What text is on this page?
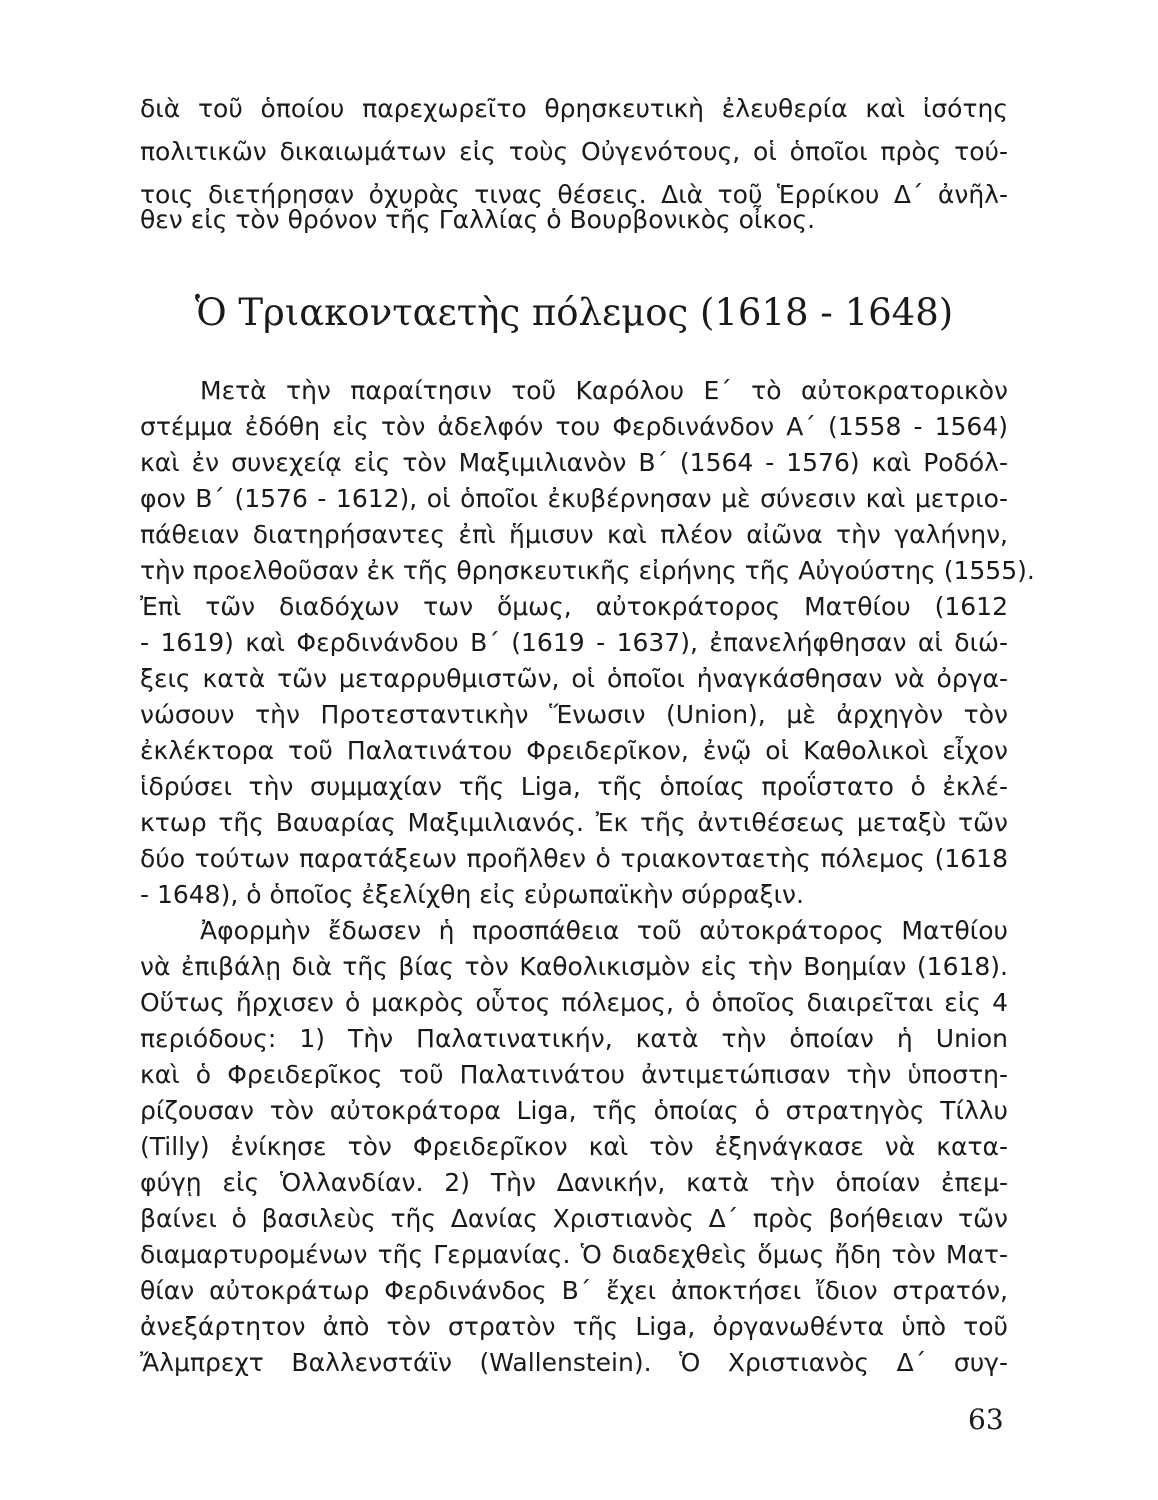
διὰ τοῦ ὁποίου παρεχωρεῖτο θρησκευτικὴ ἐλευθερία καὶ ἰσότης
πολιτικῶν δικαιωμάτων εἰς τοὺς Οὐγενότους, οἱ ὁποῖοι πρὸς τού-
τοις διετήρησαν ὀχυρὰς τινας θέσεις. Διὰ τοῦ Ἑρρίκου Δ΄ ἀνῆλ-
θεν εἰς τὸν θρόνον τῆς Γαλλίας ὁ Βουρβονικὸς οἶκος.
Ὁ Τριακονταετὴς πόλεμος (1618 - 1648)
Μετὰ τὴν παραίτησιν τοῦ Καρόλου Ε΄ τὸ αὐτοκρατορικὸν
στέμμα ἐδόθη εἰς τὸν ἀδελφόν του Φερδινάνδον Α΄ (1558 - 1564)
καὶ ἐν συνεχείᾳ εἰς τὸν Μαξιμιλιανὸν Β΄ (1564 - 1576) καὶ Ροδόλ-
φον Β΄ (1576 - 1612), οἱ ὁποῖοι ἐκυβέρνησαν μὲ σύνεσιν καὶ μετριο-
πάθειαν διατηρήσαντες ἐπὶ ἥμισυν καὶ πλέον αἰῶνα τὴν γαλήνην,
τὴν προελθοῦσαν ἐκ τῆς θρησκευτικῆς εἰρήνης τῆς Αὐγούστης (1555).
Ἐπὶ τῶν διαδόχων των ὅμως, αὐτοκράτορος Ματθίου (1612
- 1619) καὶ Φερδινάνδου Β΄ (1619 - 1637), ἐπανελήφθησαν αἱ διώ-
ξεις κατὰ τῶν μεταρρυθμιστῶν, οἱ ὁποῖοι ἠναγκάσθησαν νὰ ὀργα-
νώσουν τὴν Προτεσταντικὴν Ἕνωσιν (Union), μὲ ἀρχηγὸν τὸν
ἐκλέκτορα τοῦ Παλατινάτου Φρειδερῖκον, ἐνῷ οἱ Καθολικοὶ εἶχον
ἱδρύσει τὴν συμμαχίαν τῆς Liga, τῆς ὁποίας προΐστατο ὁ ἐκλέ-
κτωρ τῆς Βαυαρίας Μαξιμιλιανός. Ἐκ τῆς ἀντιθέσεως μεταξὺ τῶν
δύο τούτων παρατάξεων προῆλθεν ὁ τριακονταετὴς πόλεμος (1618
- 1648), ὁ ὁποῖος ἐξελίχθη εἰς εὐρωπαϊκὴν σύρραξιν.
Ἀφορμὴν ἔδωσεν ἡ προσπάθεια τοῦ αὐτοκράτορος Ματθίου
νὰ ἐπιβάλῃ διὰ τῆς βίας τὸν Καθολικισμὸν εἰς τὴν Βοημίαν (1618).
Οὕτως ἤρχισεν ὁ μακρὸς οὗτος πόλεμος, ὁ ὁποῖος διαιρεῖται εἰς 4
περιόδους: 1) Τὴν Παλατινατικήν, κατὰ τὴν ὁποίαν ἡ Union
καὶ ὁ Φρειδερῖκος τοῦ Παλατινάτου ἀντιμετώπισαν τὴν ὑποστη-
ρίζουσαν τὸν αὐτοκράτορα Liga, τῆς ὁποίας ὁ στρατηγὸς Τίλλυ
(Tilly) ἐνίκησε τὸν Φρειδερῖκον καὶ τὸν ἐξηνάγκασε νὰ κατα-
φύγῃ εἰς Ὁλλανδίαν. 2) Τὴν Δανικήν, κατὰ τὴν ὁποίαν ἐπεμ-
βαίνει ὁ βασιλεὺς τῆς Δανίας Χριστιανὸς Δ΄ πρὸς βοήθειαν τῶν
διαμαρτυρομένων τῆς Γερμανίας. Ὁ διαδεχθεὶς ὅμως ἤδη τὸν Ματ-
θίαν αὐτοκράτωρ Φερδινάνδος Β΄ ἔχει ἀποκτήσει ἴδιον στρατόν,
ἀνεξάρτητον ἀπὸ τὸν στρατὸν τῆς Liga, ὀργανωθέντα ὑπὸ τοῦ
Ἄλμπρεχτ Βαλλενστάϊν (Wallenstein). Ὁ Χριστιανὸς Δ΄ συγ-
63
